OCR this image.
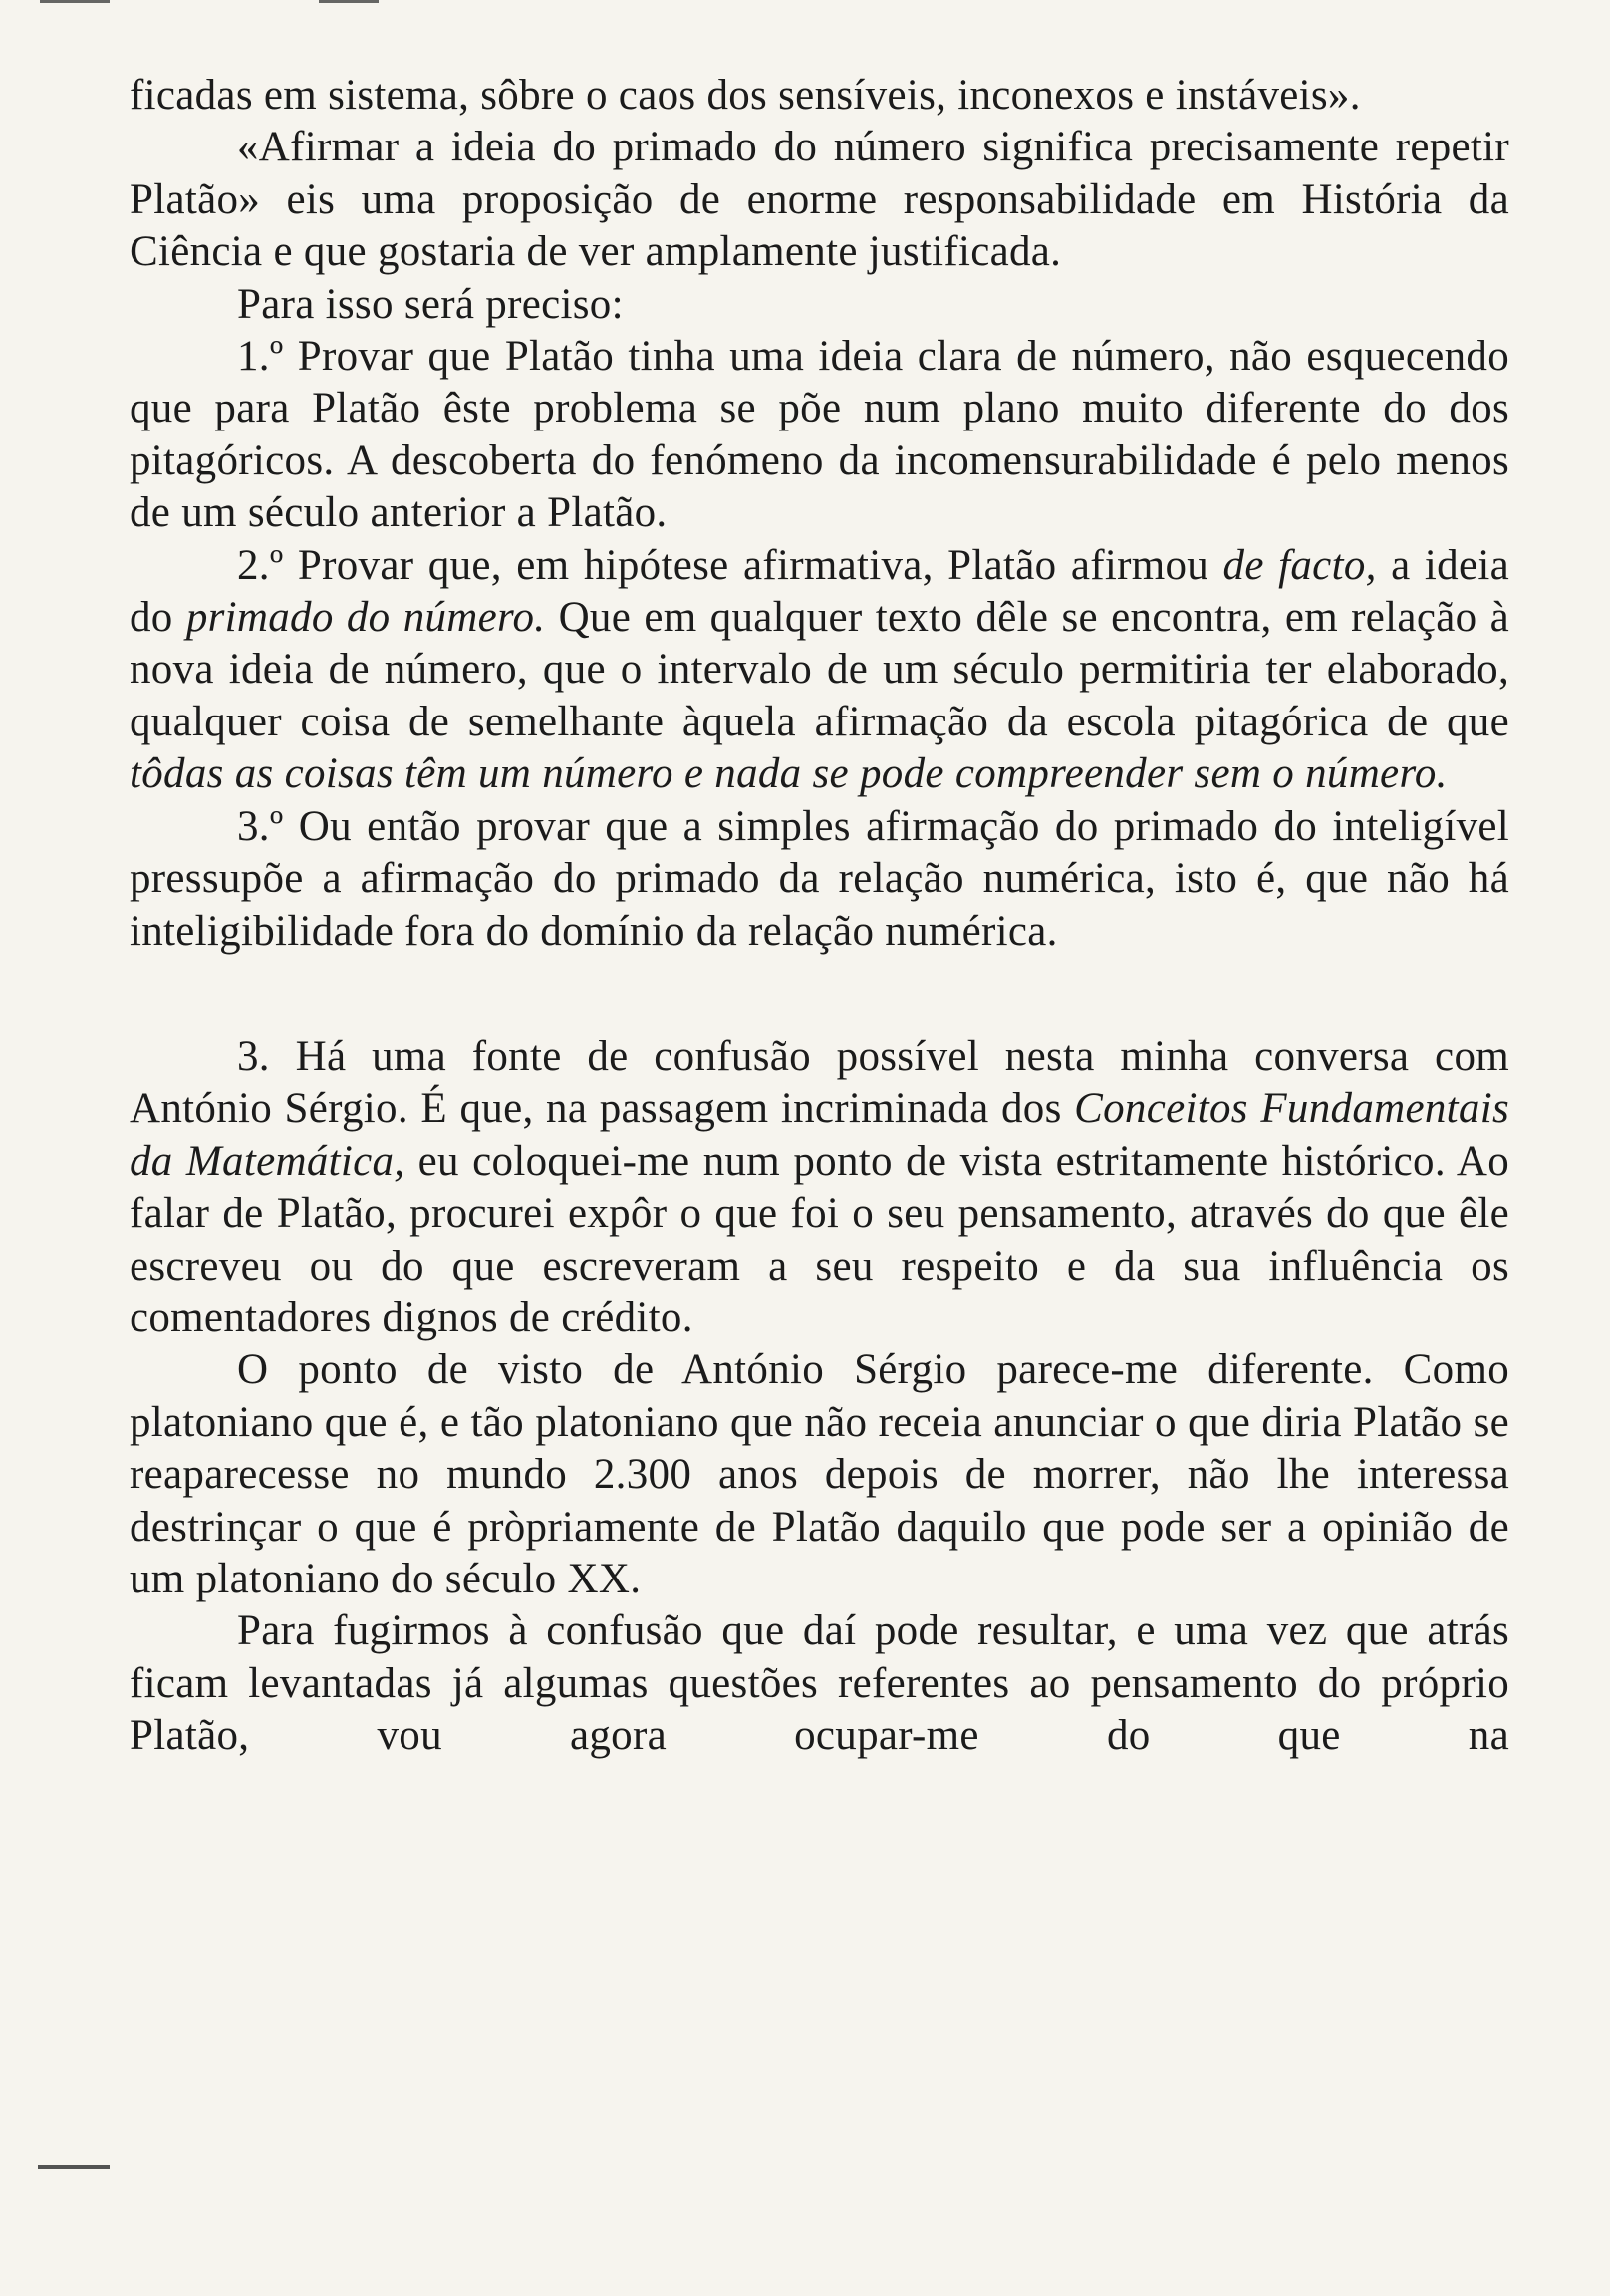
ficadas em sistema, sôbre o caos dos sensíveis, inconexos e instáveis».

«Afirmar a ideia do primado do número significa precisamente repetir Platão» eis uma proposição de enorme responsabilidade em História da Ciência e que gostaria de ver amplamente justificada.

Para isso será preciso:

1.º Provar que Platão tinha uma ideia clara de número, não esquecendo que para Platão êste problema se põe num plano muito diferente do dos pitagóricos. A descoberta do fenómeno da incomensurabilidade é pelo menos de um século anterior a Platão.

2.º Provar que, em hipótese afirmativa, Platão afirmou de facto, a ideia do primado do número. Que em qualquer texto dêle se encontra, em relação à nova ideia de número, que o intervalo de um século permitiria ter elaborado, qualquer coisa de semelhante àquela afirmação da escola pitagórica de que tôdas as coisas têm um número e nada se pode compreender sem o número.

3.º Ou então provar que a simples afirmação do primado do inteligível pressupõe a afirmação do primado da relação numérica, isto é, que não há inteligibilidade fora do domínio da relação numérica.

3. Há uma fonte de confusão possível nesta minha conversa com António Sérgio. É que, na passagem incriminada dos Conceitos Fundamentais da Matemática, eu coloquei-me num ponto de vista estritamente histórico. Ao falar de Platão, procurei expôr o que foi o seu pensamento, através do que êle escreveu ou do que escreveram a seu respeito e da sua influência os comentadores dignos de crédito.

O ponto de visto de António Sérgio parece-me diferente. Como platoniano que é, e tão platoniano que não receia anunciar o que diria Platão se reaparecesse no mundo 2.300 anos depois de morrer, não lhe interessa destrinçar o que é pròpriamente de Platão daquilo que pode ser a opinião de um platoniano do século XX.

Para fugirmos à confusão que daí pode resultar, e uma vez que atrás ficam levantadas já algumas questões referentes ao pensamento do próprio Platão, vou agora ocupar-me do que na
